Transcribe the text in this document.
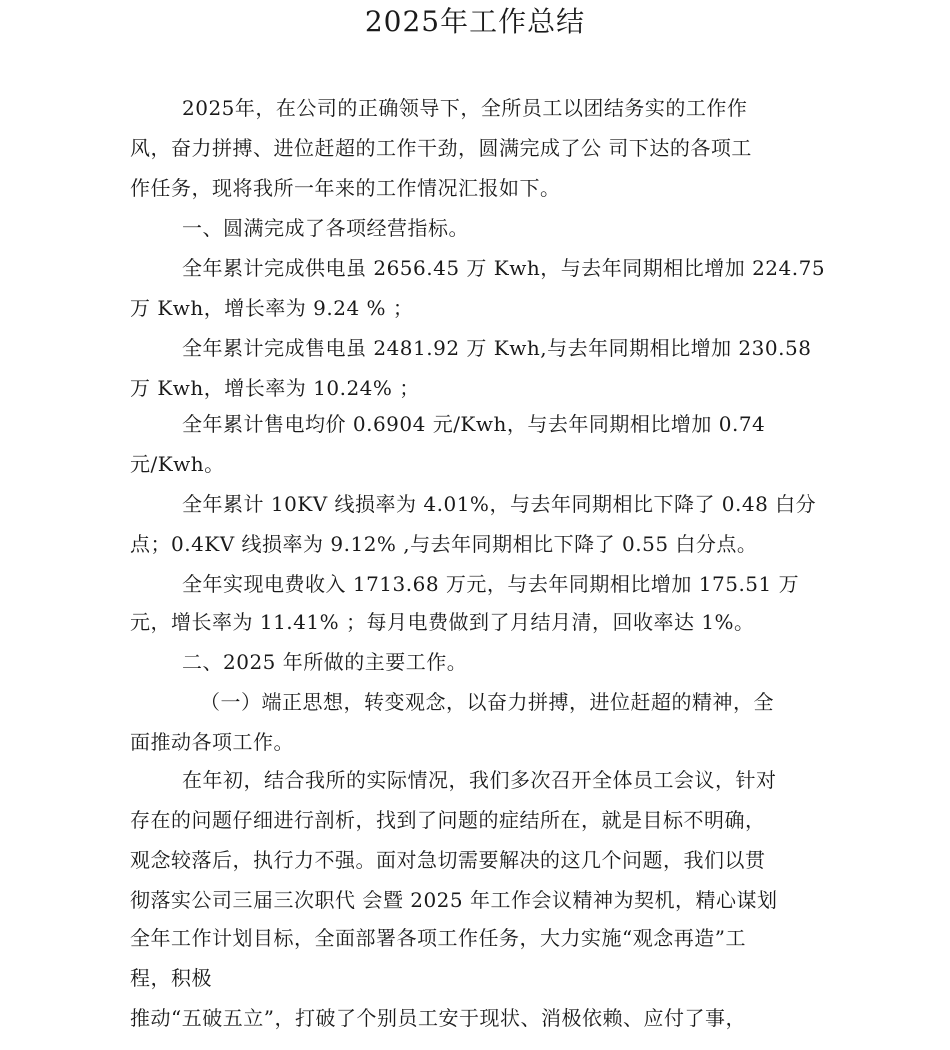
2025年工作总结
2025年，在公司的正确领导下，全所员工以团结务实的工作作
风，奋力拼搏、进位赶超的工作干劲，圆满完成了公 司下达的各项工
作任务，现将我所一年来的工作情况汇报如下。
一、圆满完成了各项经营指标。
全年累计完成供电虽 2656.45 万 Kwh，与去年同期相比增加 224.75
万 Kwh，增长率为 9.24 % ；
全年累计完成售电虽 2481.92 万 Kwh,与去年同期相比增加 230.58
万 Kwh，增长率为 10.24% ；
全年累计售电均价 0.6904 元/Kwh，与去年同期相比增加 0.74
元/Kwh。
全年累计 10KV 线损率为 4.01%，与去年同期相比下降了 0.48 白分
点；0.4KV 线损率为 9.12% ,与去年同期相比下降了 0.55 白分点。
全年实现电费收入 1713.68 万元，与去年同期相比增加 175.51 万
元，增长率为 11.41% ；每月电费做到了月结月清，回收率达 1%。
二、2025 年所做的主要工作。
（一）端正思想，转变观念，以奋力拼搏，进位赶超的精神，全
面推动各项工作。
在年初，结合我所的实际情况，我们多次召开全体员工会议，针对
存在的问题仔细进行剖析，找到了问题的症结所在，就是目标不明确，
观念较落后，执行力不强。面对急切需要解决的这几个问题，我们以贯
彻落实公司三届三次职代 会暨 2025 年工作会议精神为契机，精心谋划
全年工作计划目标，全面部署各项工作任务，大力实施“观念再造”工
程，积极
推动“五破五立”，打破了个别员工安于现状、消极依赖、应付了事，
